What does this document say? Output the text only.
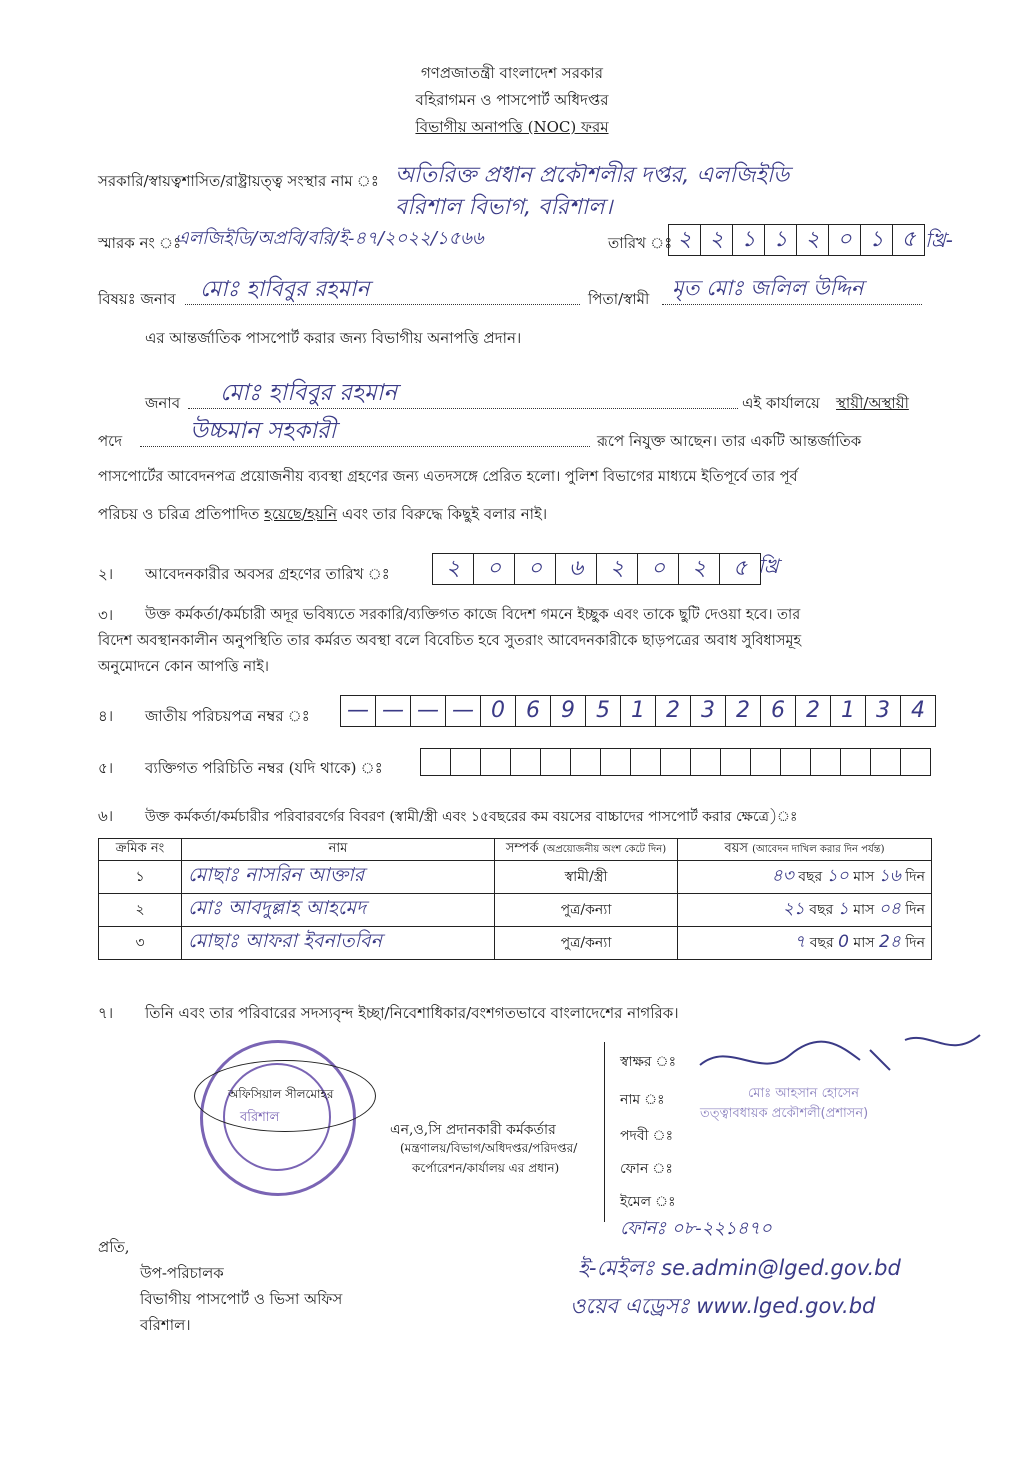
গণপ্রজাতন্ত্রী বাংলাদেশ সরকার
বহিরাগমন ও পাসপোর্ট অধিদপ্তর
বিভাগীয় অনাপত্তি (NOC) ফরম
সরকারি/স্বায়ত্বশাসিত/রাষ্ট্রায়ত্ত্ব সংস্থার নাম ঃ অতিরিক্ত প্রধান প্রকৌশলীর দপ্তর, এলজিইডি
বরিশাল বিভাগ, বরিশাল।
স্মারক নং ঃ
এলজিইডি/অপ্রবি/বরি/ই-৪৭/২০২২/১৫৬৬	তারিখ ঃ ২ ২ ১ ১ ২ ০ ১ ৫ খ্রি-
বিষয়ঃ জনাব মোঃ হাবিবুর রহমান	পিতা/স্বামী মৃত মোঃ জলিল উদ্দিন
এর আন্তর্জাতিক পাসপোর্ট করার জন্য বিভাগীয় অনাপত্তি প্রদান।
জনাব মোঃ হাবিবুর রহমান	এই কার্যালয়ে স্থায়ী/অস্থায়ী
পদে	উচ্চমান সহকারী	রূপে নিযুক্ত আছেন। তার একটি আন্তর্জাতিক
পাসপোর্টের আবেদনপত্র প্রয়োজনীয় ব্যবস্থা গ্রহণের জন্য এতদসঙ্গে প্রেরিত হলো। পুলিশ বিভাগের মাধ্যমে ইতিপূর্বে তার পূর্ব
পরিচয় ও চরিত্র প্রতিপাদিত হয়েছে/হয়নি এবং তার বিরুদ্ধে কিছুই বলার নাই।
২। আবেদনকারীর অবসর গ্রহণের তারিখ ঃ	২	০	০	৬	২	০	২	৫ খ্রি
৩। উক্ত কর্মকর্তা/কর্মচারী অদূর ভবিষ্যতে সরকারি/ব্যক্তিগত কাজে বিদেশ গমনে ইচ্ছুক এবং তাকে ছুটি দেওয়া হবে। তার
বিদেশ অবস্থানকালীন অনুপস্থিতি তার কর্মরত অবস্থা বলে বিবেচিত হবে সুতরাং আবেদনকারীকে ছাড়পত্রের অবাধ সুবিধাসমূহ
অনুমোদনে কোন আপত্তি নাই।
৪। জাতীয় পরিচয়পত্র নম্বর ঃ — — — — 0 6 9 5 1 2 3 2 6 2 1 3 4
৫। ব্যক্তিগত পরিচিতি নম্বর (যদি থাকে) ঃ
৬। উক্ত কর্মকর্তা/কর্মচারীর পরিবারবর্গের বিবরণ (স্বামী/স্ত্রী এবং ১৫বছরের কম বয়সের বাচ্চাদের পাসপোর্ট করার ক্ষেত্রে)ঃ
ক্রমিক নং	নাম	সম্পর্ক (অপ্রয়োজনীয় অংশ কেটে দিন)	বয়স (আবেদন দাখিল করার দিন পর্যন্ত)
১	মোছাঃ নাসরিন আক্তার	স্বামী/স্ত্রী	৪৩ বছর ১০ মাস ১৬ দিন
২	মোঃ আবদুল্লাহ আহমেদ	পুত্র/কন্যা	২১ বছর ১ মাস ০৪ দিন
৩	মোছাঃ আফরা ইবনাতবিন	পুত্র/কন্যা	৭ বছর 0 মাস 2৪ দিন
৭। তিনি এবং তার পরিবারের সদস্যবৃন্দ ইচ্ছা/নিবেশাধিকার/বংশগতভাবে বাংলাদেশের নাগরিক।
অফিসিয়াল সীলমোহর
বরিশাল
এন,ও,সি প্রদানকারী কর্মকর্তার
(মন্ত্রণালয়/বিভাগ/অধিদপ্তর/পরিদপ্তর/
কর্পোরেশন/কার্যালয় এর প্রধান)
স্বাক্ষর ঃ
নাম ঃ	মোঃ আহসান হোসেন
পদবী ঃ
তত্ত্বাবধায়ক প্রকৌশলী(প্রশাসন)
ফোন ঃ
ইমেল ঃ
ফোনঃ ০৮-২২১৪৭০
ই-মেইলঃ se.admin@lged.gov.bd
ওয়েব এড্রেসঃ www.lged.gov.bd
প্রতি,
উপ-পরিচালক
বিভাগীয় পাসপোর্ট ও ভিসা অফিস
বরিশাল।
